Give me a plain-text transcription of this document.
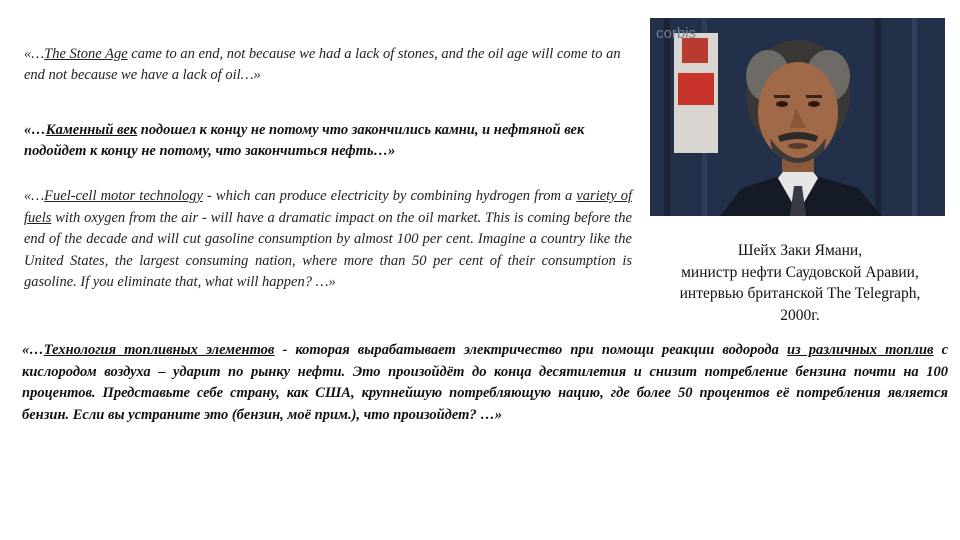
«…The Stone Age came to an end, not because we had a lack of stones, and the oil age will come to an end not because we have a lack of oil…»

«…Каменный век подошел к концу не потому что закончились камни, и нефтяной век подойдет к концу не потому, что закончиться нефть…»

«…Fuel-cell motor technology - which can produce electricity by combining hydrogen from a variety of fuels with oxygen from the air - will have a dramatic impact on the oil market. This is coming before the end of the decade and will cut gasoline consumption by almost 100 per cent. Imagine a country like the United States, the largest consuming nation, where more than 50 per cent of their consumption is gasoline. If you eliminate that, what will happen? …»

corbis
Шейх Заки Ямани,
министр нефти Саудовской Аравии,
интервью британской The Telegraph,
2000г.

«…Технология топливных элементов - которая вырабатывает электричество при помощи реакции водорода из различных топлив с кислородом воздуха – ударит по рынку нефти. Это произойдёт до конца десятилетия и снизит потребление бензина почти на 100 процентов. Представьте себе страну, как США, крупнейшую потребляющую нацию, где более 50 процентов её потребления является бензин. Если вы устраните это (бензин, моё прим.), что произойдет? …»
